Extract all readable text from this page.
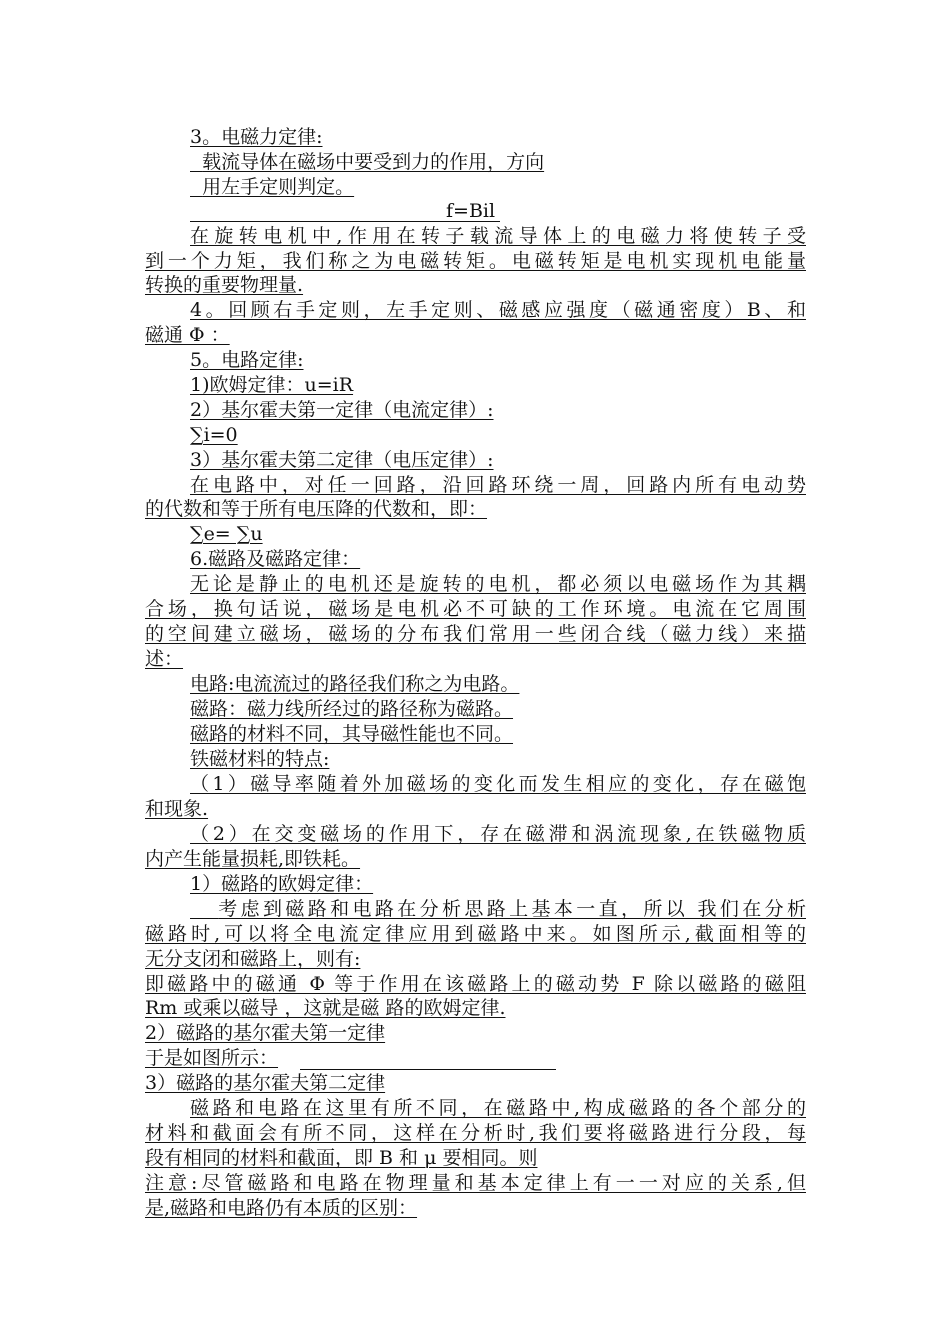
3。电磁力定律:
载流导体在磁场中要受到力的作用，方向
用左手定则判定。
f=Bil
在旋转电机中,作用在转子载流导体上的电磁力将使转子受
到一个力矩，我们称之为电磁转矩。电磁转矩是电机实现机电能量
转换的重要物理量.
4。回顾右手定则，左手定则、磁感应强度（磁通密度）B、和
磁通 Φ ：
5。电路定律:
1)欧姆定律：u=iR
2）基尔霍夫第一定律（电流定律）:
∑i=0
3）基尔霍夫第二定律（电压定律）:
在电路中，对任一回路，沿回路环绕一周，回路内所有电动势
的代数和等于所有电压降的代数和，即：
∑e= ∑u
6.磁路及磁路定律：
无论是静止的电机还是旋转的电机，都必须以电磁场作为其耦
合场，换句话说，磁场是电机必不可缺的工作环境。电流在它周围
的空间建立磁场，磁场的分布我们常用一些闭合线（磁力线）来描
述：
电路:电流流过的路径我们称之为电路。
磁路：磁力线所经过的路径称为磁路。
磁路的材料不同，其导磁性能也不同。
铁磁材料的特点:
（1）磁导率随着外加磁场的变化而发生相应的变化，存在磁饱
和现象.
（2）在交变磁场的作用下，存在磁滞和涡流现象,在铁磁物质
内产生能量损耗,即铁耗。
1）磁路的欧姆定律：
考虑到磁路和电路在分析思路上基本一直，所以 我们在分析
磁路时,可以将全电流定律应用到磁路中来。如图所示,截面相等的
无分支闭和磁路上，则有:
即磁路中的磁通 Φ 等于作用在该磁路上的磁动势 F 除以磁路的磁阻
Rm 或乘以磁导 ，这就是磁 路的欧姆定律.
2）磁路的基尔霍夫第一定律
于是如图所示：
3）磁路的基尔霍夫第二定律
磁路和电路在这里有所不同，在磁路中,构成磁路的各个部分的
材料和截面会有所不同，这样在分析时,我们要将磁路进行分段，每
段有相同的材料和截面，即 B 和 μ 要相同。则
注意:尽管磁路和电路在物理量和基本定律上有一一对应的关系,但
是,磁路和电路仍有本质的区别：
